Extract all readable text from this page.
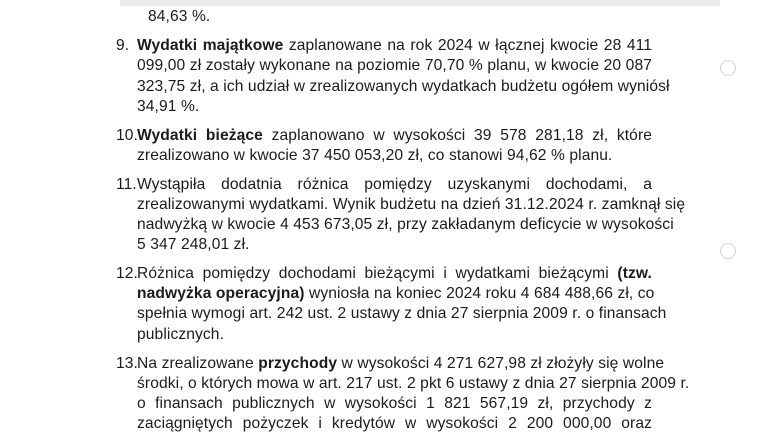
84,63 %.
9. Wydatki majątkowe zaplanowane na rok 2024 w łącznej kwocie 28 411
099,00 zł zostały wykonane na poziomie 70,70 % planu, w kwocie 20 087
323,75 zł, a ich udział w zrealizowanych wydatkach budżetu ogółem wyniósł
34,91 %.
10. Wydatki bieżące zaplanowano w wysokości 39 578 281,18 zł, które
zrealizowano w kwocie 37 450 053,20 zł, co stanowi 94,62 % planu.
11. Wystąpiła dodatnia różnica pomiędzy uzyskanymi dochodami, a
zrealizowanymi wydatkami. Wynik budżetu na dzień 31.12.2024 r. zamknął się
nadwyżką w kwocie 4 453 673,05 zł, przy zakładanym deficycie w wysokości
5 347 248,01 zł.
12. Różnica pomiędzy dochodami bieżącymi i wydatkami bieżącymi (tzw.
nadwyżka operacyjna) wyniosła na koniec 2024 roku 4 684 488,66 zł, co
spełnia wymogi art. 242 ust. 2 ustawy z dnia 27 sierpnia 2009 r. o finansach
publicznych.
13. Na zrealizowane przychody w wysokości 4 271 627,98 zł złożyły się wolne
środki, o których mowa w art. 217 ust. 2 pkt 6 ustawy z dnia 27 sierpnia 2009 r.
o finansach publicznych w wysokości 1 821 567,19 zł, przychody z
zaciągniętych pożyczek i kredytów w wysokości 2 200 000,00 oraz
